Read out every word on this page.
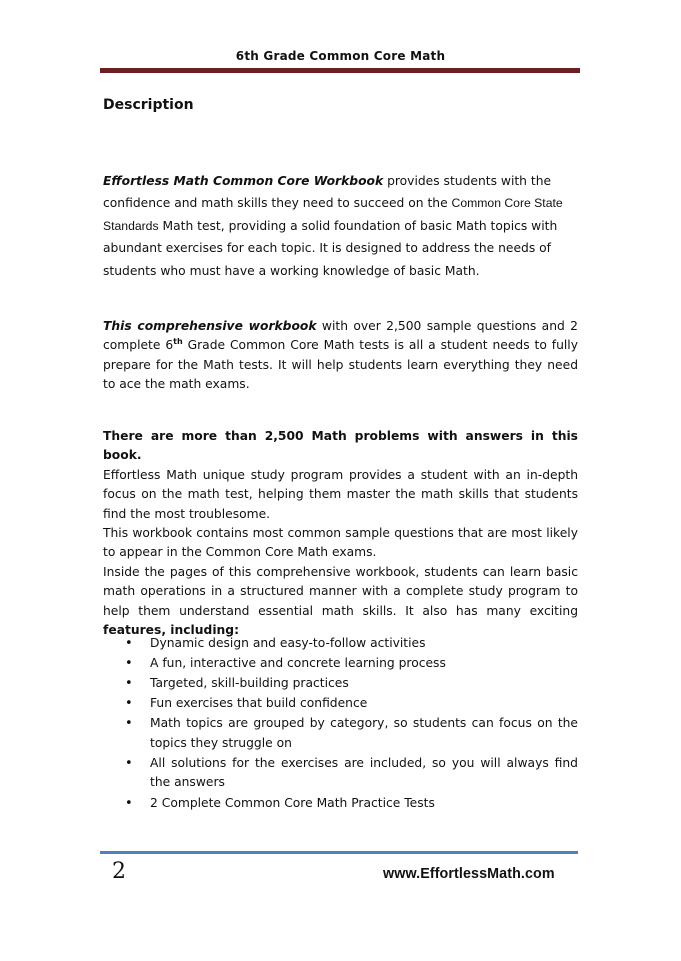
6th Grade Common Core Math
Description
Effortless Math Common Core Workbook provides students with the confidence and math skills they need to succeed on the Common Core State Standards Math test, providing a solid foundation of basic Math topics with abundant exercises for each topic. It is designed to address the needs of students who must have a working knowledge of basic Math.
This comprehensive workbook with over 2,500 sample questions and 2 complete 6th Grade Common Core Math tests is all a student needs to fully prepare for the Math tests. It will help students learn everything they need to ace the math exams.
There are more than 2,500 Math problems with answers in this book.
Effortless Math unique study program provides a student with an in-depth focus on the math test, helping them master the math skills that students find the most troublesome.
This workbook contains most common sample questions that are most likely to appear in the Common Core Math exams.
Inside the pages of this comprehensive workbook, students can learn basic math operations in a structured manner with a complete study program to help them understand essential math skills. It also has many exciting features, including:
• Dynamic design and easy-to-follow activities
• A fun, interactive and concrete learning process
• Targeted, skill-building practices
• Fun exercises that build confidence
• Math topics are grouped by category, so students can focus on the topics they struggle on
• All solutions for the exercises are included, so you will always find the answers
• 2 Complete Common Core Math Practice Tests
2	www.EffortlessMath.com
